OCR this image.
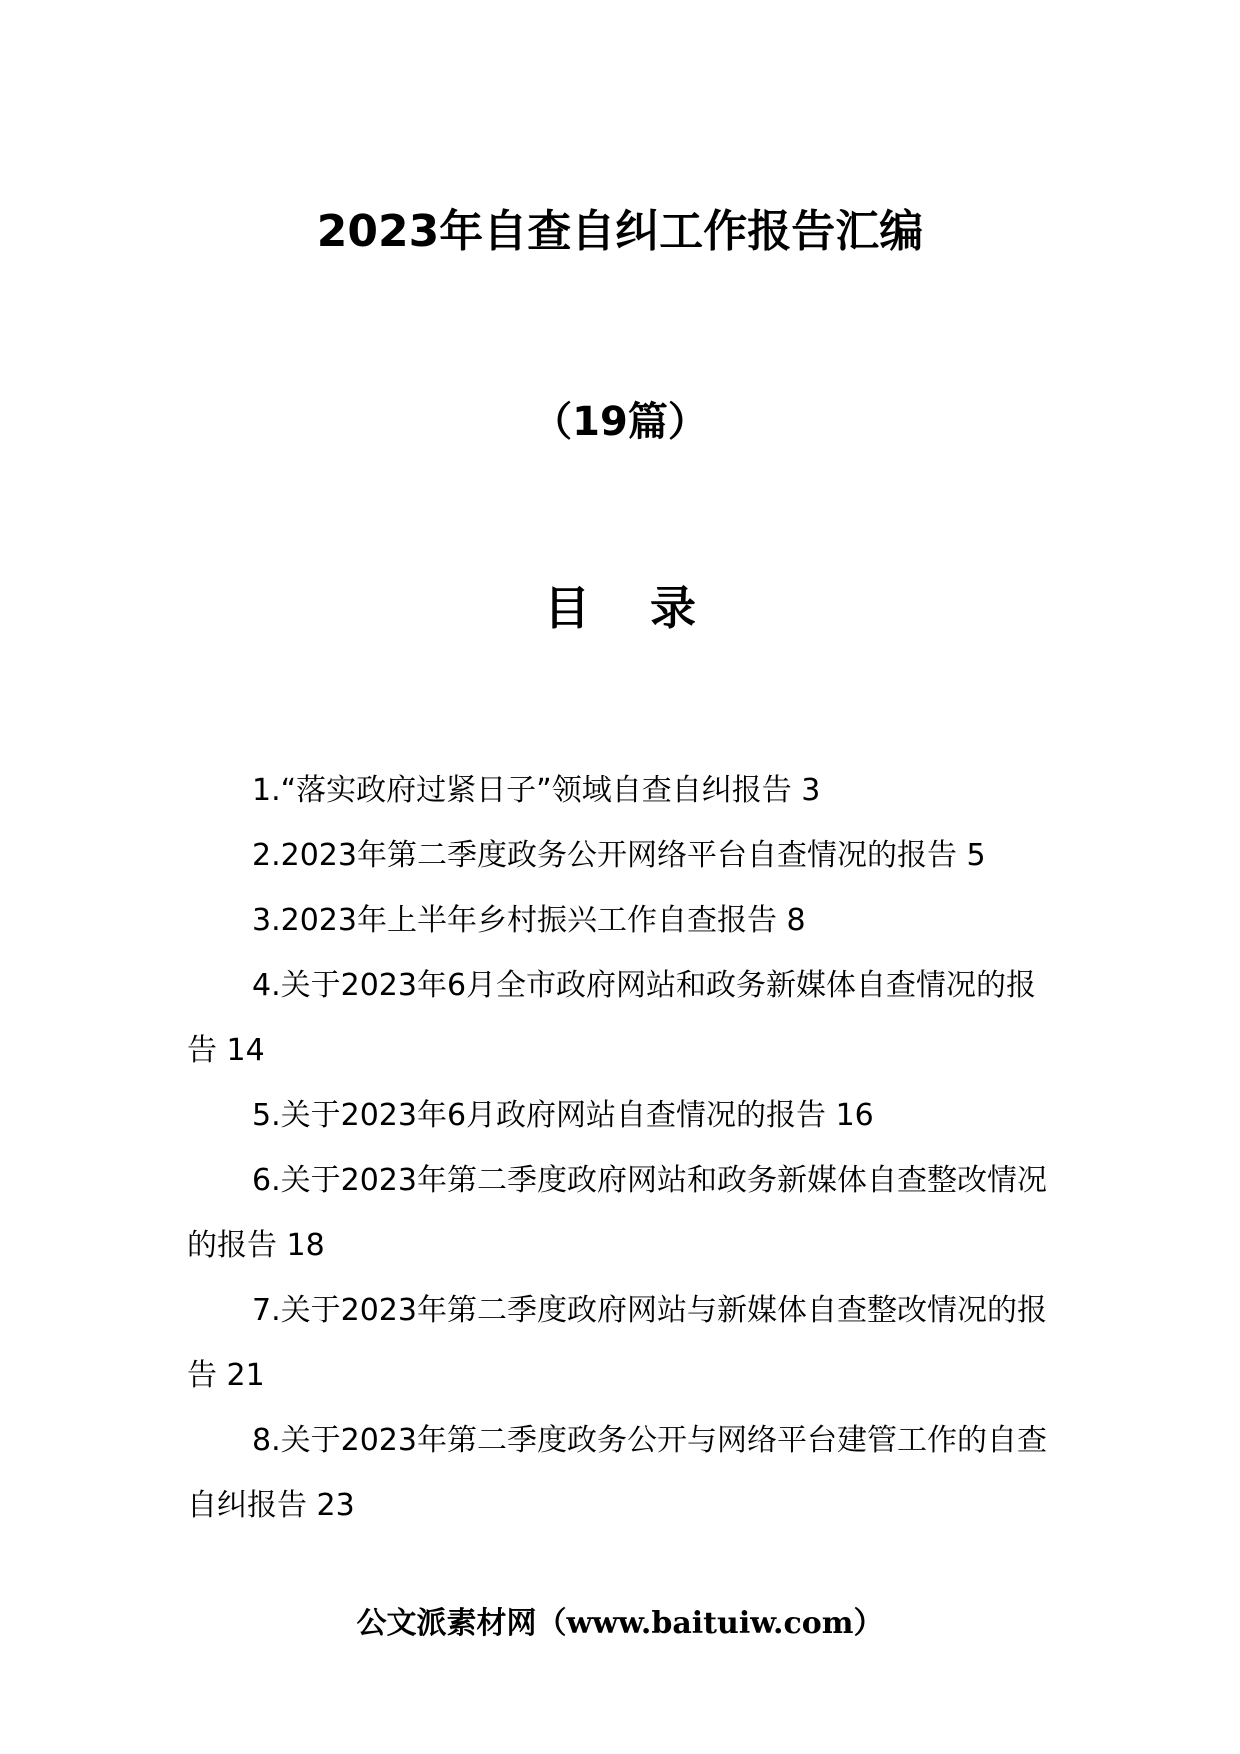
2023年自查自纠工作报告汇编
（19篇）
目 录
1.“落实政府过紧日子”领域自查自纠报告 3
2.2023年第二季度政务公开网络平台自查情况的报告 5
3.2023年上半年乡村振兴工作自查报告 8
4.关于2023年6月全市政府网站和政务新媒体自查情况的报告 14
5.关于2023年6月政府网站自查情况的报告 16
6.关于2023年第二季度政府网站和政务新媒体自查整改情况的报告 18
7.关于2023年第二季度政府网站与新媒体自查整改情况的报告 21
8.关于2023年第二季度政务公开与网络平台建管工作的自查自纠报告 23
公文派素材网（www.baituiw.com）
